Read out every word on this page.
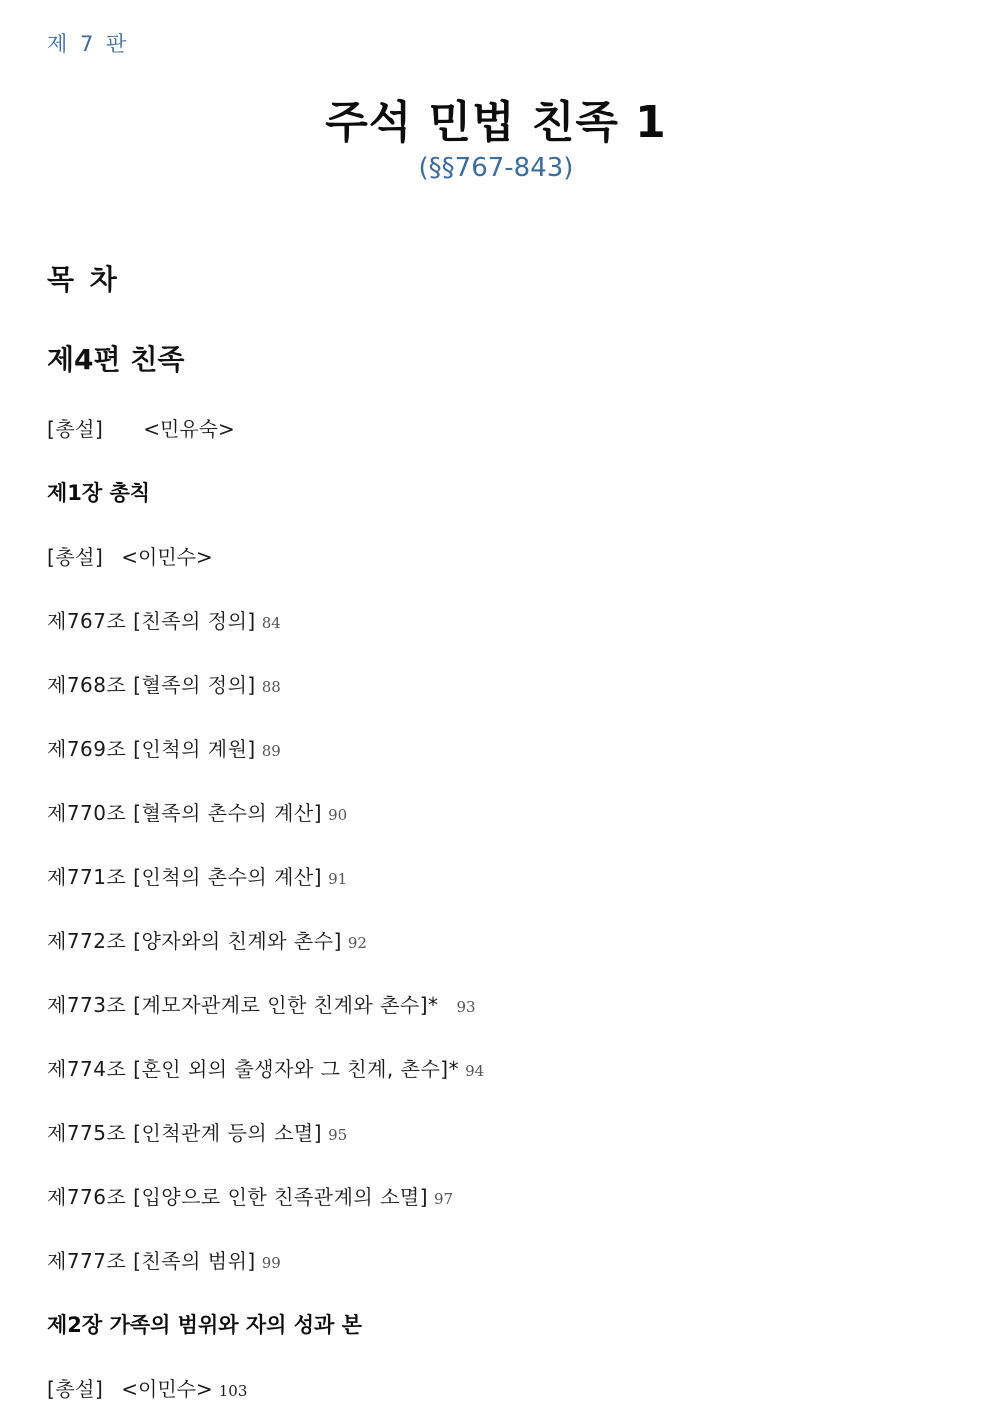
제 7 판
주석 민법 친족 1
(§§767-843)
목 차
제4편 친족
[총설] <민유숙>
제1장 총칙
[총설] <이민수>
제767조 [친족의 정의] 84
제768조 [혈족의 정의] 88
제769조 [인척의 계원] 89
제770조 [혈족의 촌수의 계산] 90
제771조 [인척의 촌수의 계산] 91
제772조 [양자와의 친계와 촌수] 92
제773조 [계모자관계로 인한 친계와 촌수]* 93
제774조 [혼인 외의 출생자와 그 친계, 촌수]* 94
제775조 [인척관계 등의 소멸] 95
제776조 [입양으로 인한 친족관계의 소멸] 97
제777조 [친족의 범위] 99
제2장 가족의 범위와 자의 성과 본
[총설] <이민수> 103
